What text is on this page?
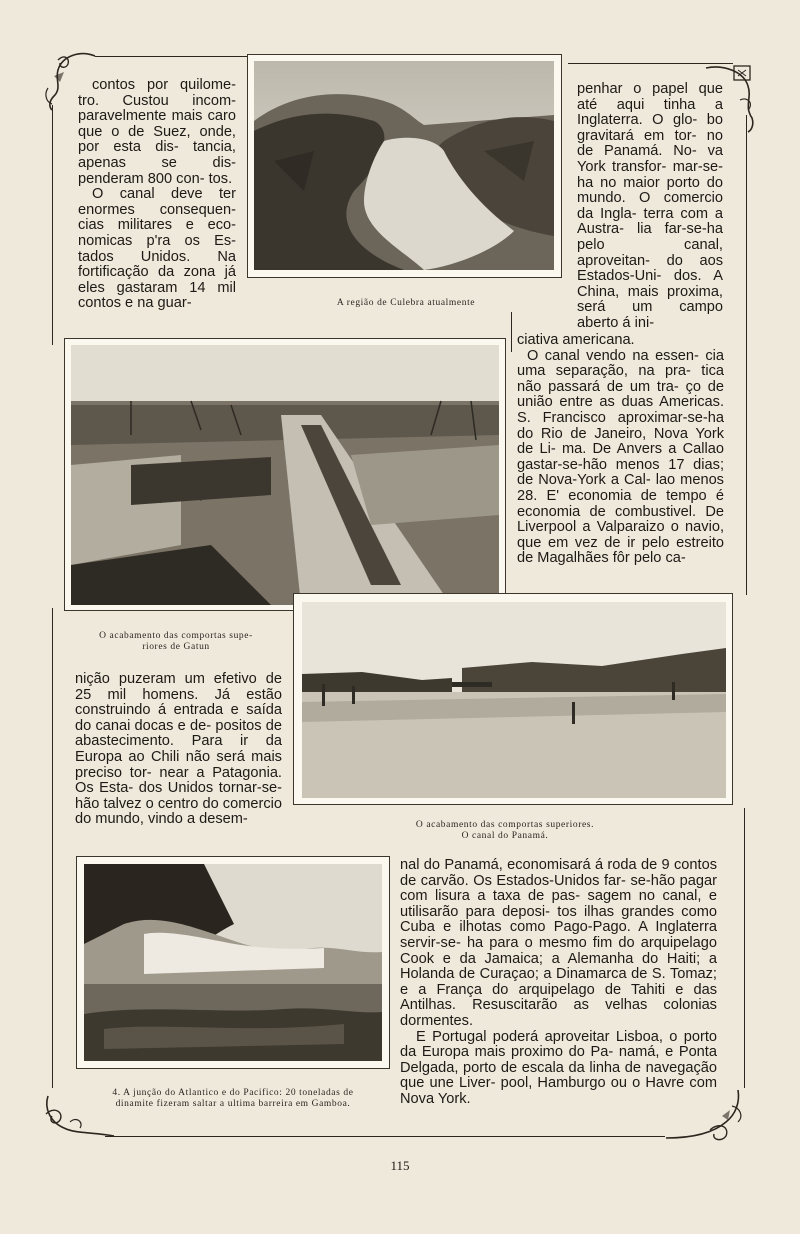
A região de Culebra atualmente
O acabamento das comportas supe-
riores de Gatun
O acabamento das comportas superiores.
O canal do Panamá.
4. A junção do Atlantico e do Pacifico: 20 toneladas de
dinamite fizeram saltar a ultima barreira em Gamboa.

contos por quilome- tro. Custou incom- paravelmente mais caro que o de Suez, onde, por esta dis- tancia, apenas se dis- penderam 800 con- tos.

O canal deve ter enormes consequen- cias militares e eco- nomicas p'ra os Es- tados Unidos. Na fortificação da zona já eles gastaram 14 mil contos e na guar-

penhar o papel que até aqui tinha a Inglaterra. O glo- bo gravitará em tor- no de Panamá. No- va York transfor- mar-se-ha no maior porto do mundo. O comercio da Ingla- terra com a Austra- lia far-se-ha pelo	canal, aproveitan- do aos Estados-Uni- dos. A China, mais proxima, será um campo aberto á ini-

ciativa americana.

O canal vendo na essen- cia uma separação, na pra- tica não passará de um tra- ço de união entre as duas Americas. S. Francisco aproximar-se-ha do Rio de Janeiro, Nova York de Li- ma. De Anvers a Callao gastar-se-hão menos 17 dias; de Nova-York a Cal- lao menos 28. E' economia de tempo é economia de combustivel. De Liverpool a Valparaizo o navio, que em vez de ir pelo estreito de Magalhães fôr pelo ca-

nição puzeram um efetivo de 25 mil homens. Já estão construindo á entrada e saída do canai docas e de- positos de abastecimento. Para ir da Europa ao Chili não será mais preciso tor- near a Patagonia. Os Esta- dos Unidos tornar-se-hão talvez o centro do comercio do mundo, vindo a desem-

nal do Panamá, economisará á roda de 9 contos de carvão. Os Estados-Unidos far- se-hão pagar com lisura a taxa de pas- sagem no canal, e utilisarão para deposi- tos ilhas grandes como Cuba e ilhotas como Pago-Pago. A Inglaterra servir-se- ha para o mesmo fim do arquipelago Cook e da Jamaica; a Alemanha do Haiti; a Holanda de Curaçao; a Dinamarca de S. Tomaz; e a França do arquipelago de Tahiti e das Antilhas. Resuscitarão as velhas colonias dormentes.

E Portugal poderá aproveitar Lisboa, o porto da Europa mais proximo do Pa- namá, e Ponta Delgada, porto de escala da linha de navegação que une Liver- pool, Hamburgo ou o Havre com Nova York.

115
